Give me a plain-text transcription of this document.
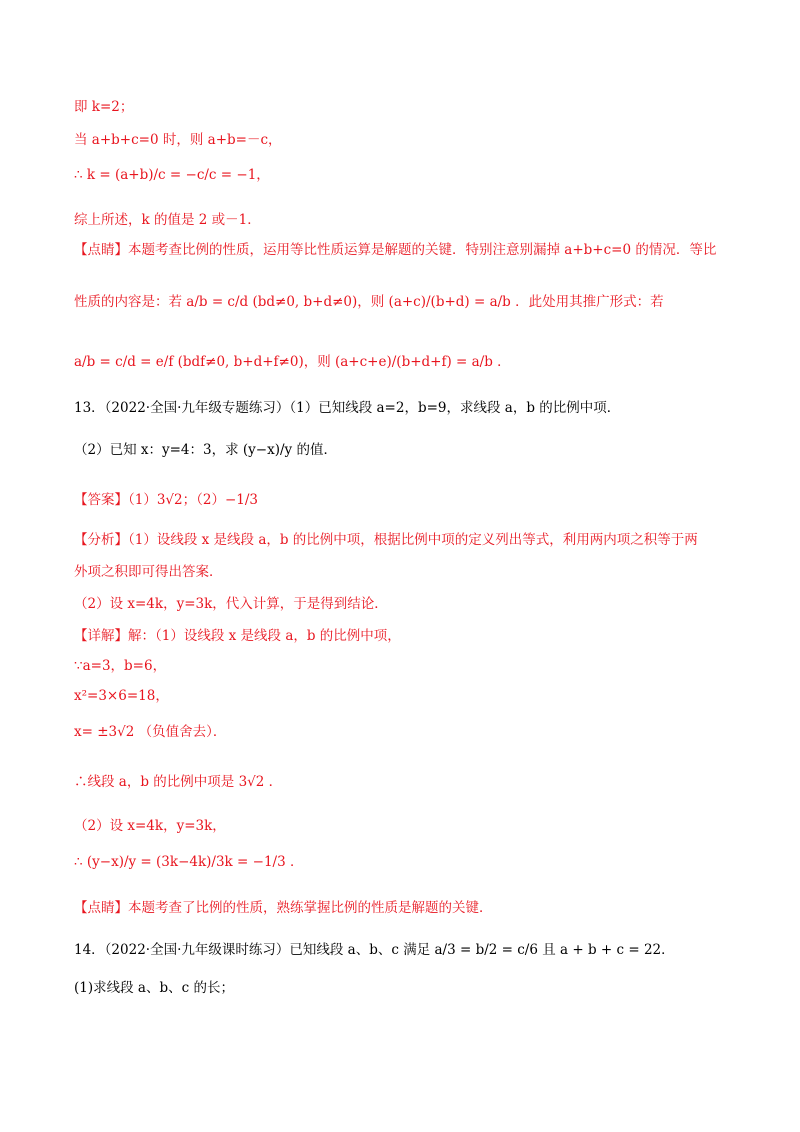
即 k=2；
当 a+b+c=0 时，则 a+b=－c，
∴ k = (a+b)/c = −c/c = −1，
综上所述，k 的值是 2 或－1．
【点睛】本题考查比例的性质，运用等比性质运算是解题的关键．特别注意别漏掉 a+b+c=0 的情况．等比
性质的内容是：若 a/b = c/d (bd≠0, b+d≠0)，则 (a+c)/(b+d) = a/b ．此处用其推广形式：若
a/b = c/d = e/f (bdf≠0, b+d+f≠0)，则 (a+c+e)/(b+d+f) = a/b ．
13．（2022·全国·九年级专题练习）（1）已知线段 a=2，b=9，求线段 a，b 的比例中项．
（2）已知 x：y=4：3，求 (y−x)/y 的值．
【答案】（1）3√2；（2）−1/3
【分析】（1）设线段 x 是线段 a，b 的比例中项，根据比例中项的定义列出等式，利用两内项之积等于两
外项之积即可得出答案．
（2）设 x=4k，y=3k，代入计算，于是得到结论．
【详解】解：（1）设线段 x 是线段 a，b 的比例中项，
∵a=3，b=6，
x²=3×6=18，
x= ±3√2 （负值舍去）．
∴线段 a，b 的比例中项是 3√2 ．
（2）设 x=4k，y=3k，
∴ (y−x)/y = (3k−4k)/3k = −1/3 ．
【点睛】本题考查了比例的性质，熟练掌握比例的性质是解题的关键．
14．（2022·全国·九年级课时练习）已知线段 a、b、c 满足 a/3 = b/2 = c/6 且 a + b + c = 22．
(1)求线段 a、b、c 的长；
